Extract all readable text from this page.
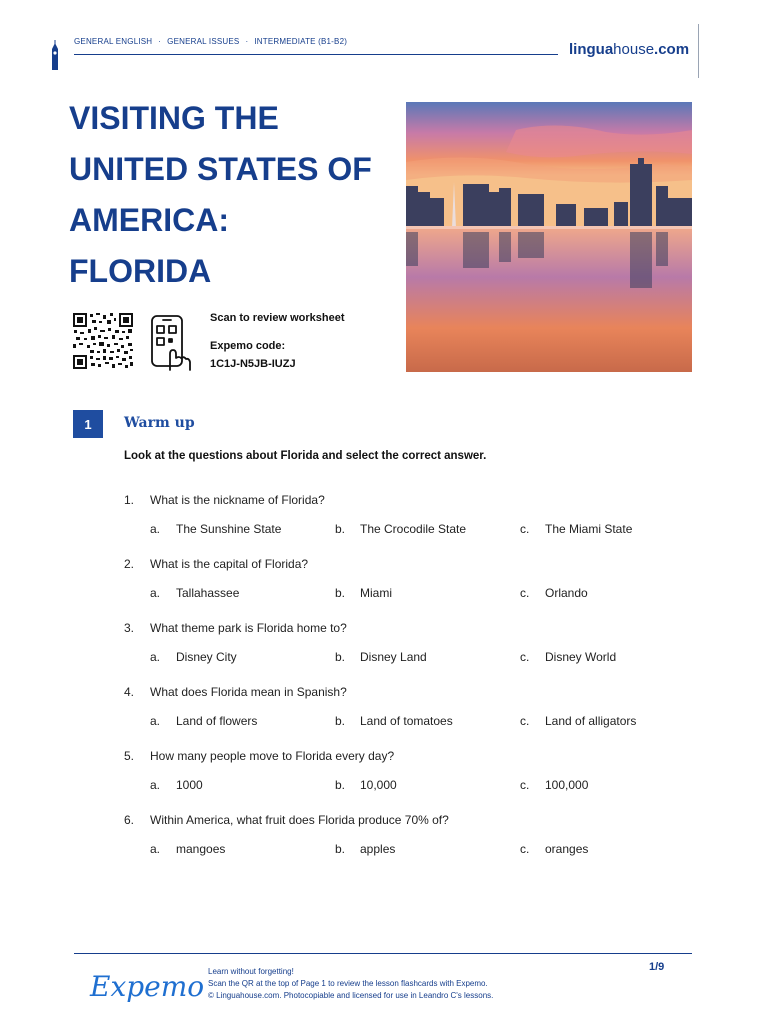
GENERAL ENGLISH · GENERAL ISSUES · INTERMEDIATE (B1-B2)	linguahouse.com
VISITING THE
UNITED STATES OF
AMERICA:
FLORIDA
Scan to review worksheet
Expemo code:
1C1J-N5JB-IUZJ
1	Warm up
Look at the questions about Florida and select the correct answer.
1. What is the nickname of Florida?
a. The Sunshine State	b. The Crocodile State	c. The Miami State
2. What is the capital of Florida?
a. Tallahassee	b. Miami	c. Orlando
3. What theme park is Florida home to?
a. Disney City	b. Disney Land	c. Disney World
4. What does Florida mean in Spanish?
a. Land of flowers	b. Land of tomatoes	c. Land of alligators
5. How many people move to Florida every day?
a. 1000	b. 10,000	c. 100,000
6. Within America, what fruit does Florida produce 70% of?
a. mangoes	b. apples	c. oranges
Expemo Learn without forgetting!
Scan the QR at the top of Page 1 to review the lesson flashcards with Expemo.
© Linguahouse.com. Photocopiable and licensed for use in Leandro C's lessons.
1/9
